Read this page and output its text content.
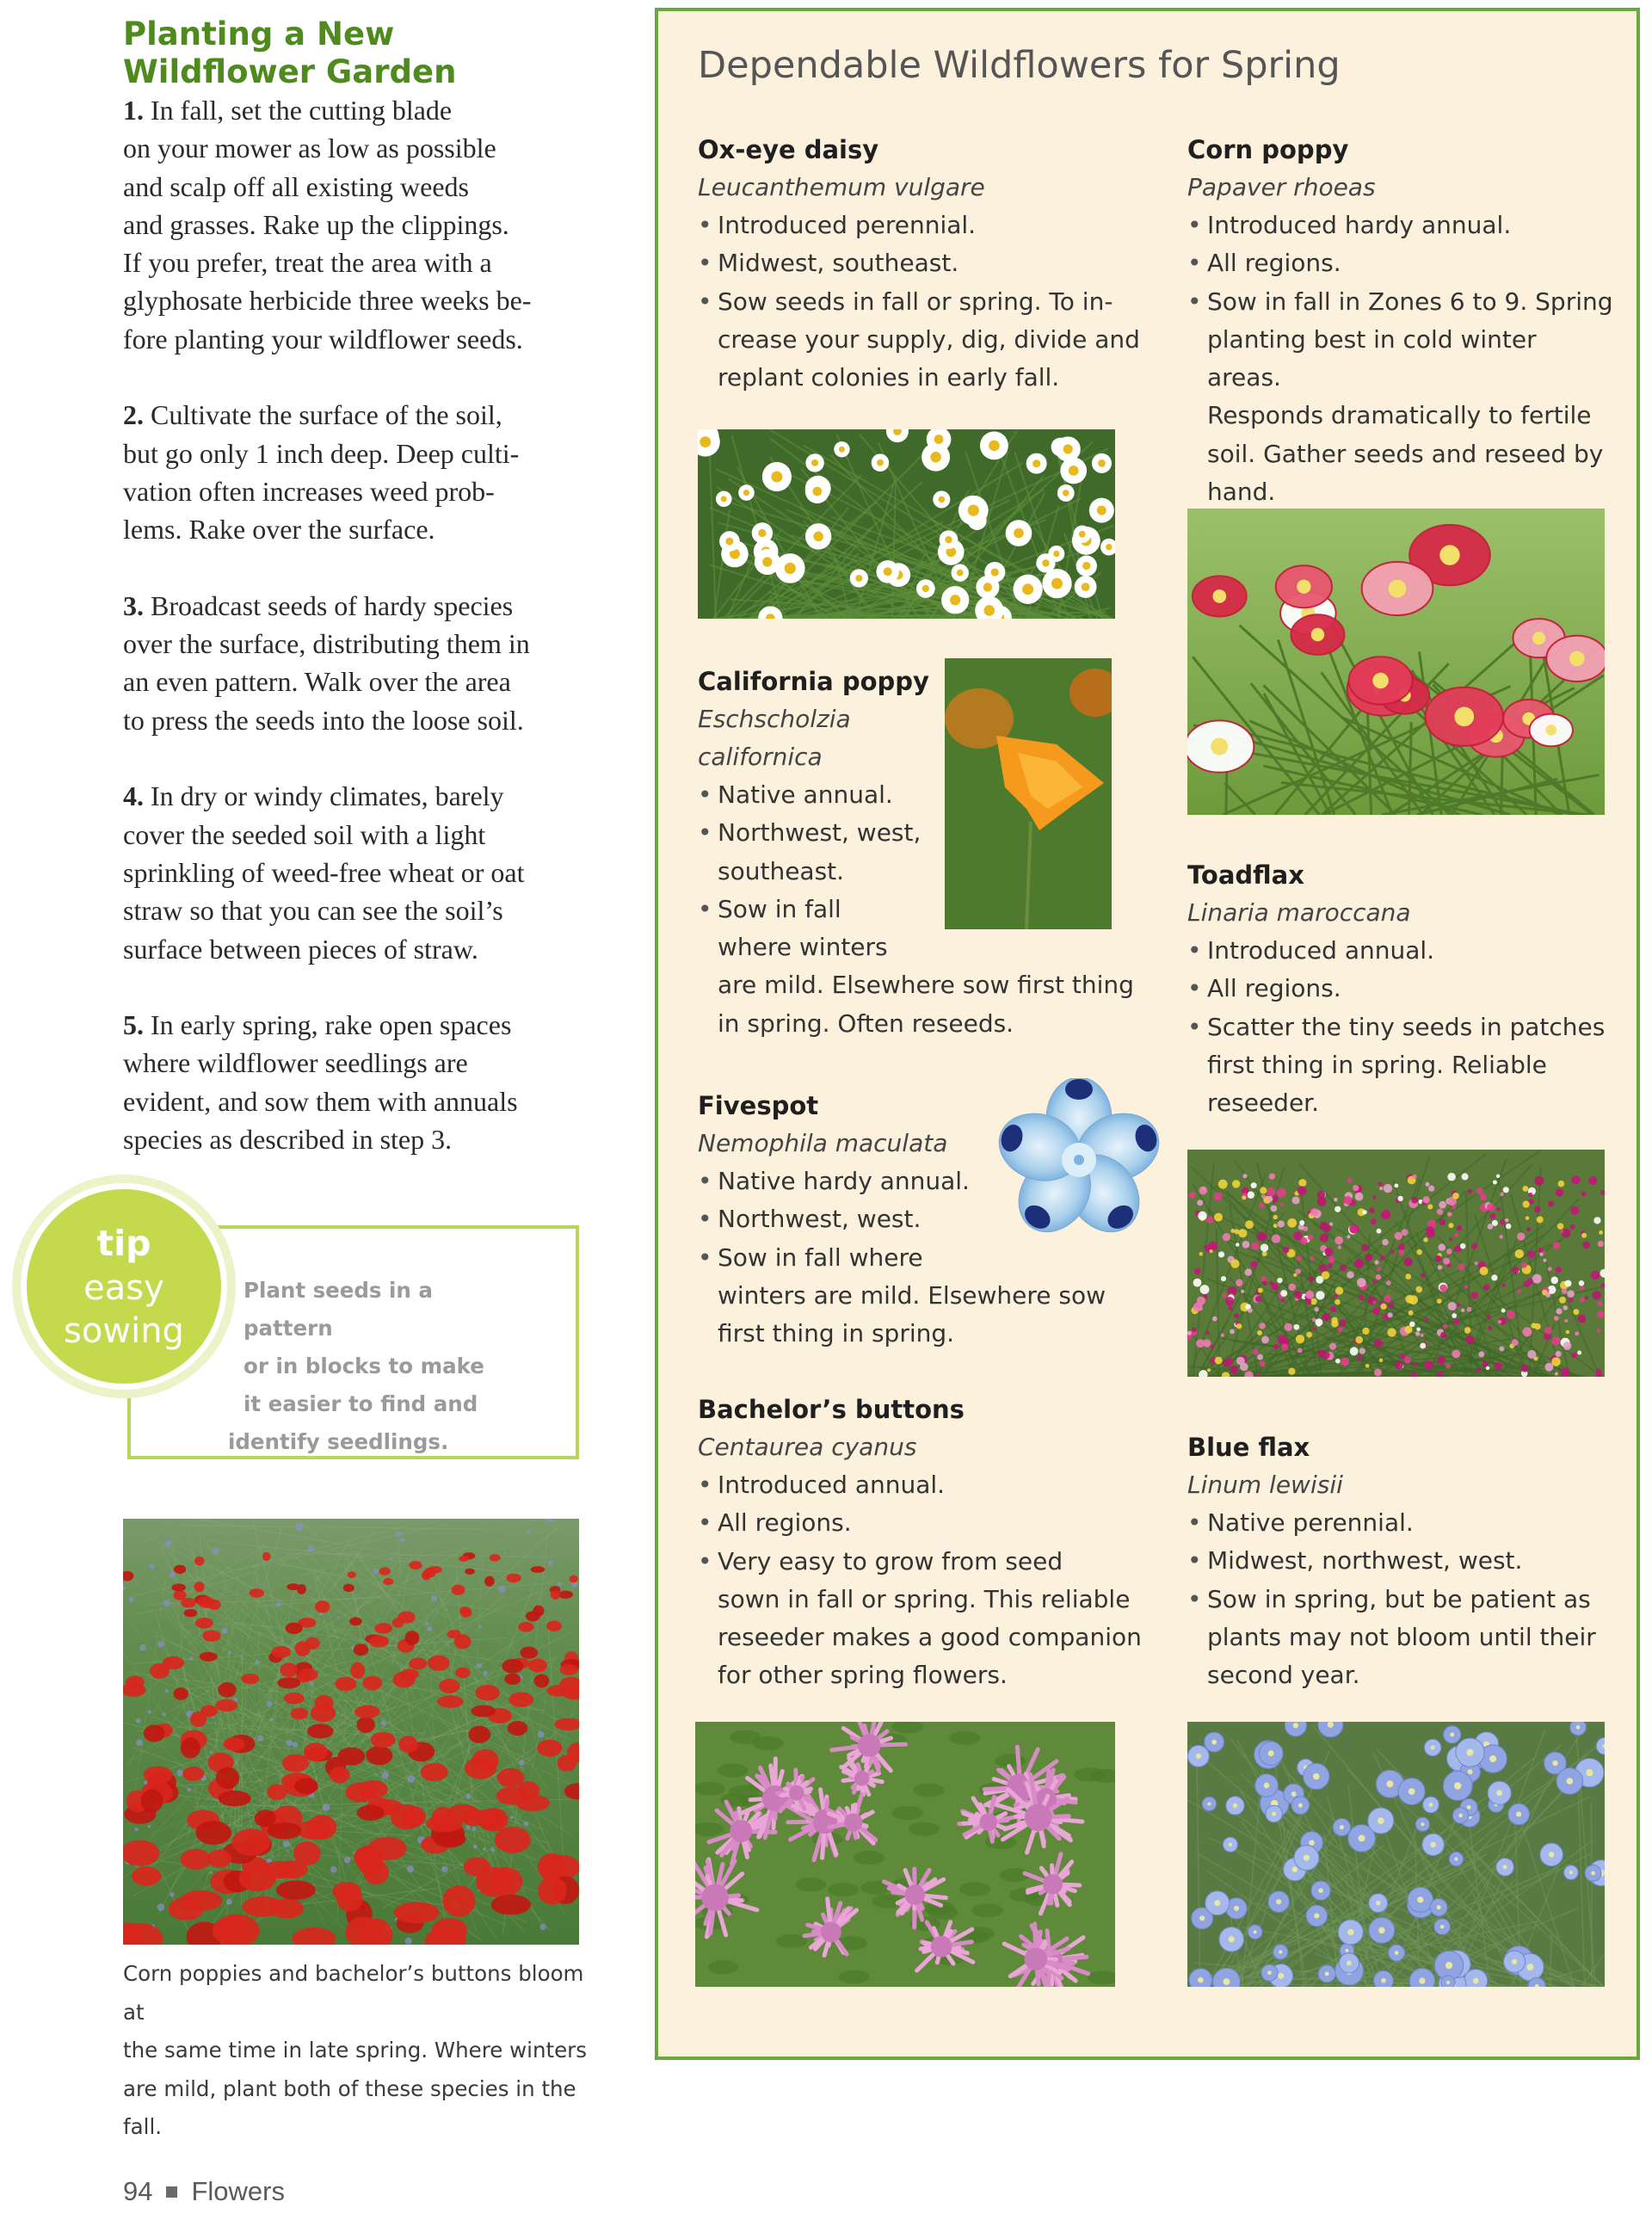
Planting a New
Wildflower Garden
1. In fall, set the cutting blade
on your mower as low as possible
and scalp off all existing weeds
and grasses. Rake up the clippings.
If you prefer, treat the area with a
glyphosate herbicide three weeks be-
fore planting your wildflower seeds.
2. Cultivate the surface of the soil,
but go only 1 inch deep. Deep culti-
vation often increases weed prob-
lems. Rake over the surface.
3. Broadcast seeds of hardy species
over the surface, distributing them in
an even pattern. Walk over the area
to press the seeds into the loose soil.
4. In dry or windy climates, barely
cover the seeded soil with a light
sprinkling of weed-free wheat or oat
straw so that you can see the soil’s
surface between pieces of straw.
5. In early spring, rake open spaces
where wildflower seedlings are
evident, and sow them with annuals
species as described in step 3.
tip
easy
sowing
Plant seeds in a pattern
or in blocks to make
it easier to find and
identify seedlings.
Corn poppies and bachelor’s buttons bloom at
the same time in late spring. Where winters
are mild, plant both of these species in the fall.
94 Flowers
Dependable Wildflowers for Spring
Ox-eye daisy
Leucanthemum vulgare
• Introduced perennial.
• Midwest, southeast.
• Sow seeds in fall or spring. To in-
crease your supply, dig, divide and
replant colonies in early fall.
Corn poppy
Papaver rhoeas
• Introduced hardy annual.
• All regions.
• Sow in fall in Zones 6 to 9. Spring
planting best in cold winter areas.
Responds dramatically to fertile
soil. Gather seeds and reseed by
hand.
California poppy
Eschscholzia
californica
• Native annual.
• Northwest, west,
southeast.
• Sow in fall
where winters
are mild. Elsewhere sow first thing
in spring. Often reseeds.
Toadflax
Linaria maroccana
• Introduced annual.
• All regions.
• Scatter the tiny seeds in patches
first thing in spring. Reliable
reseeder.
Fivespot
Nemophila maculata
• Native hardy annual.
• Northwest, west.
• Sow in fall where
winters are mild. Elsewhere sow
first thing in spring.
Bachelor’s buttons
Centaurea cyanus
• Introduced annual.
• All regions.
• Very easy to grow from seed
sown in fall or spring. This reliable
reseeder makes a good companion
for other spring flowers.
Blue flax
Linum lewisii
• Native perennial.
• Midwest, northwest, west.
• Sow in spring, but be patient as
plants may not bloom until their
second year.
